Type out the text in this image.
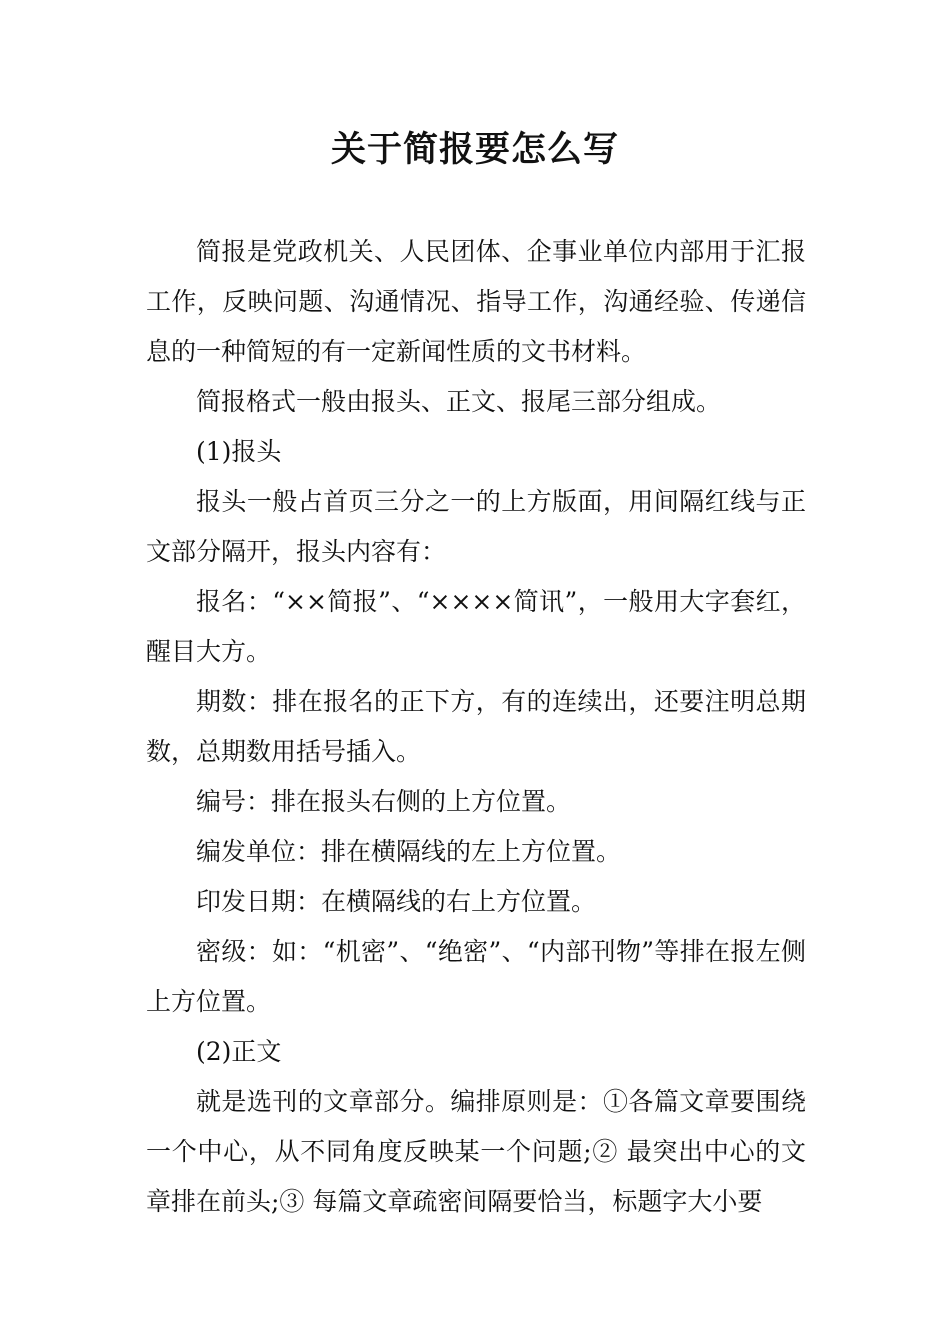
关于简报要怎么写

简报是党政机关、人民团体、企事业单位内部用于汇报工作，反映问题、沟通情况、指导工作，沟通经验、传递信息的一种简短的有一定新闻性质的文书材料。

简报格式一般由报头、正文、报尾三部分组成。

(1)报头

报头一般占首页三分之一的上方版面，用间隔红线与正文部分隔开，报头内容有：

报名：“××简报”、“××××简讯”，一般用大字套红，醒目大方。

期数：排在报名的正下方，有的连续出，还要注明总期数，总期数用括号插入。

编号：排在报头右侧的上方位置。

编发单位：排在横隔线的左上方位置。

印发日期：在横隔线的右上方位置。

密级：如：“机密”、“绝密”、“内部刊物”等排在报左侧上方位置。

(2)正文

就是选刊的文章部分。编排原则是：①各篇文章要围绕一个中心，从不同角度反映某一个问题;② 最突出中心的文章排在前头;③ 每篇文章疏密间隔要恰当，标题字大小要
